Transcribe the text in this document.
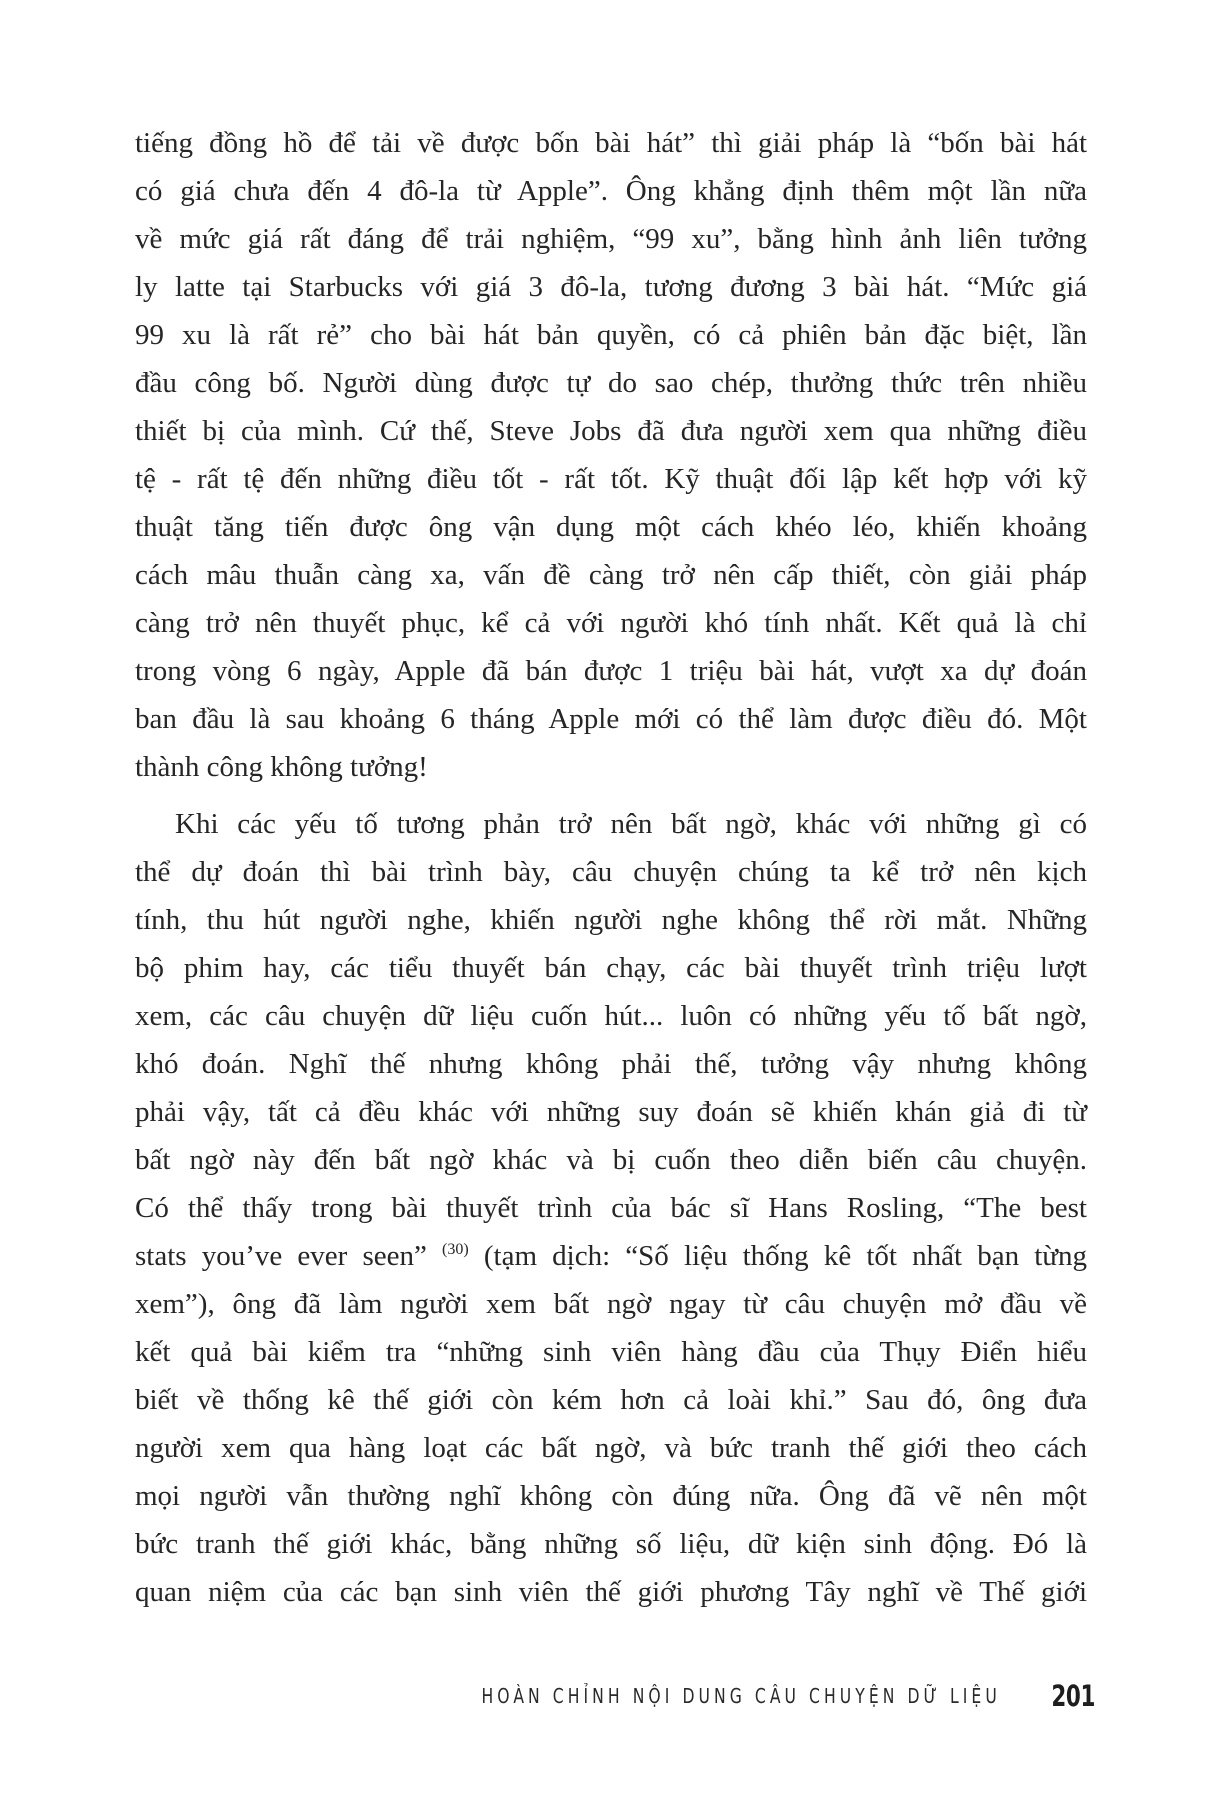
tiếng đồng hồ để tải về được bốn bài hát” thì giải pháp là “bốn bài hát
có giá chưa đến 4 đô-la từ Apple”. Ông khẳng định thêm một lần nữa
về mức giá rất đáng để trải nghiệm, “99 xu”, bằng hình ảnh liên tưởng
ly latte tại Starbucks với giá 3 đô-la, tương đương 3 bài hát. “Mức giá
99 xu là rất rẻ” cho bài hát bản quyền, có cả phiên bản đặc biệt, lần
đầu công bố. Người dùng được tự do sao chép, thưởng thức trên nhiều
thiết bị của mình. Cứ thế, Steve Jobs đã đưa người xem qua những điều
tệ - rất tệ đến những điều tốt - rất tốt. Kỹ thuật đối lập kết hợp với kỹ
thuật tăng tiến được ông vận dụng một cách khéo léo, khiến khoảng
cách mâu thuẫn càng xa, vấn đề càng trở nên cấp thiết, còn giải pháp
càng trở nên thuyết phục, kể cả với người khó tính nhất. Kết quả là chỉ
trong vòng 6 ngày, Apple đã bán được 1 triệu bài hát, vượt xa dự đoán
ban đầu là sau khoảng 6 tháng Apple mới có thể làm được điều đó. Một
thành công không tưởng!

Khi các yếu tố tương phản trở nên bất ngờ, khác với những gì có
thể dự đoán thì bài trình bày, câu chuyện chúng ta kể trở nên kịch
tính, thu hút người nghe, khiến người nghe không thể rời mắt. Những
bộ phim hay, các tiểu thuyết bán chạy, các bài thuyết trình triệu lượt
xem, các câu chuyện dữ liệu cuốn hút... luôn có những yếu tố bất ngờ,
khó đoán. Nghĩ thế nhưng không phải thế, tưởng vậy nhưng không
phải vậy, tất cả đều khác với những suy đoán sẽ khiến khán giả đi từ
bất ngờ này đến bất ngờ khác và bị cuốn theo diễn biến câu chuyện.
Có thể thấy trong bài thuyết trình của bác sĩ Hans Rosling, “The best
stats you’ve ever seen” $^{(30)}$ (tạm dịch: “Số liệu thống kê tốt nhất bạn từng
xem”), ông đã làm người xem bất ngờ ngay từ câu chuyện mở đầu về
kết quả bài kiểm tra “những sinh viên hàng đầu của Thụy Điển hiểu
biết về thống kê thế giới còn kém hơn cả loài khỉ.” Sau đó, ông đưa
người xem qua hàng loạt các bất ngờ, và bức tranh thế giới theo cách
mọi người vẫn thường nghĩ không còn đúng nữa. Ông đã vẽ nên một
bức tranh thế giới khác, bằng những số liệu, dữ kiện sinh động. Đó là
quan niệm của các bạn sinh viên thế giới phương Tây nghĩ về Thế giới

HOÀN CHỈNH NỘI DUNG CÂU CHUYỆN DỮ LIỆU 201
